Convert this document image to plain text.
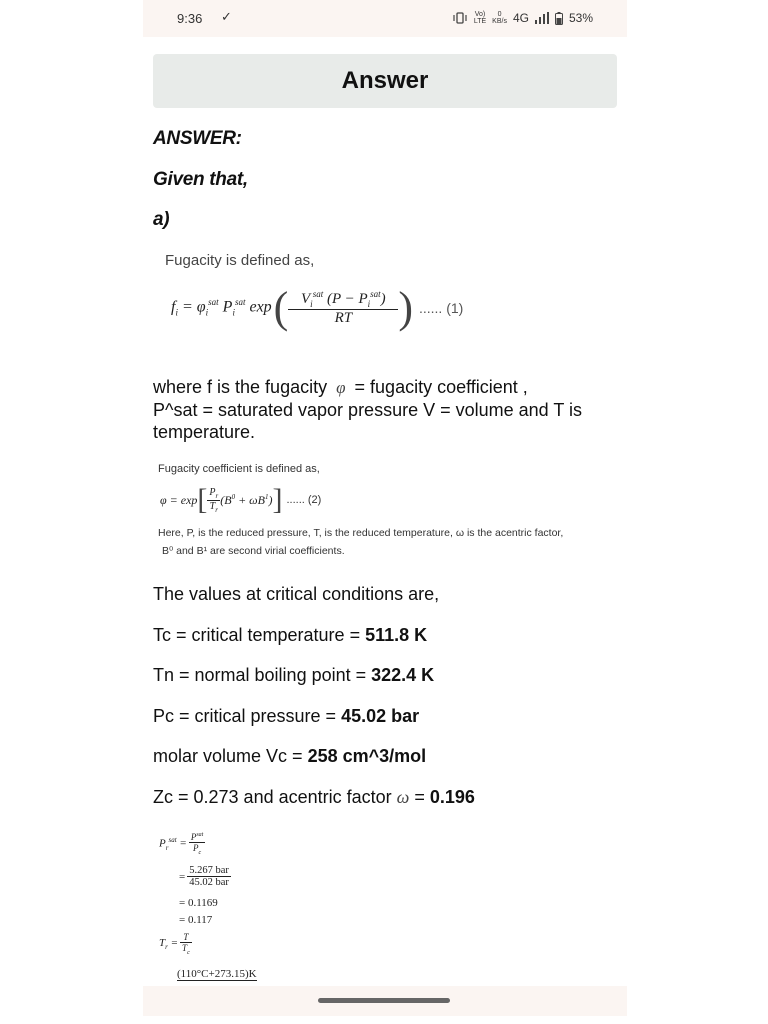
9:36 ✓	Vo)
LTE
0
KB/s 4G	53%
Answer
ANSWER:
Given that,
a)
Fugacity is defined as,
$f_i = \varphi_i^{sat}$ $P_i^{sat}$ exp ( $\frac{V_i^{sat} (P - P_i^{sat})}{RT}$ ) ...... (1)
where f is the fugacity φ = fugacity coefficient ,
P^sat = saturated vapor pressure V = volume and T is
temperature.
Fugacity coefficient is defined as,
φ = exp [ $\frac{P_r}{T_r} (B^0 + \omega B^1)$ ] ...... (2)
Here, P, is the reduced pressure, T, is the reduced temperature, ω is the acentric factor,
B⁰ and B¹ are second virial coefficients.
The values at critical conditions are,
Tc = critical temperature = 511.8 K
Tn = normal boiling point = 322.4 K
Pc = critical pressure = 45.02 bar
molar volume Vc = 258 cm^3/mol
Zc = 0.273 and acentric factor ω = 0.196
$P_r^{sat} = \frac{P^{sat}}{P_c}$
= $\frac{\text{5.267 bar}}{\text{45.02 bar}}$
= 0.1169
= 0.117
$T_r = \frac{T}{T_c}$
(110°C+273.15)K
